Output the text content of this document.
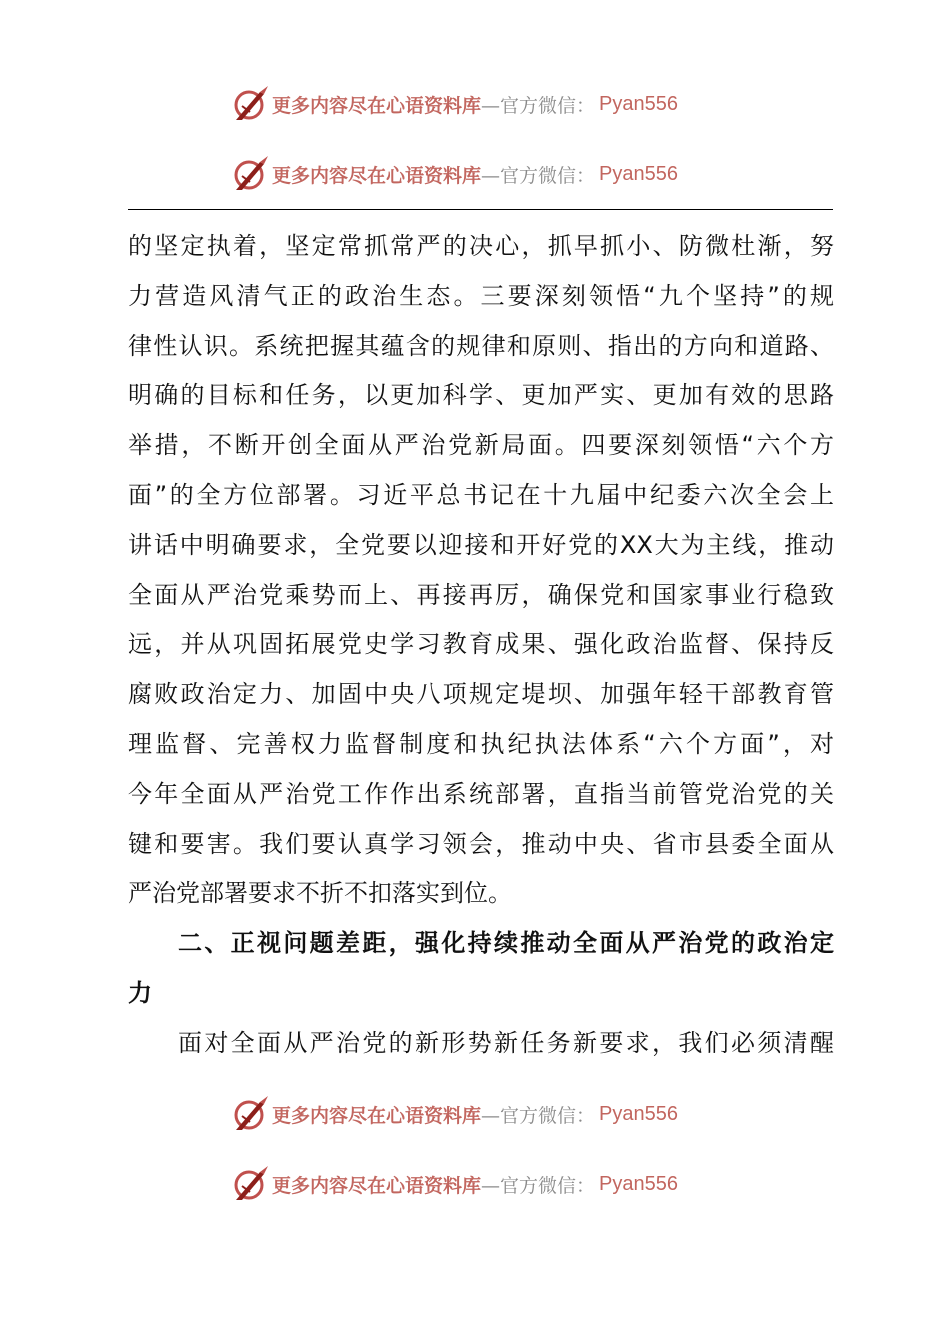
更多内容尽在心语资料库 —官方微信： Pyan556
更多内容尽在心语资料库 —官方微信： Pyan556
的坚定执着，坚定常抓常严的决心，抓早抓小、防微杜渐，努
力营造风清气正的政治生态。三要深刻领悟“九个坚持”的规
律性认识。系统把握其蕴含的规律和原则、指出的方向和道路、
明确的目标和任务，以更加科学、更加严实、更加有效的思路
举措，不断开创全面从严治党新局面。四要深刻领悟“六个方
面”的全方位部署。习近平总书记在十九届中纪委六次全会上
讲话中明确要求，全党要以迎接和开好党的XX大为主线，推动
全面从严治党乘势而上、再接再厉，确保党和国家事业行稳致
远，并从巩固拓展党史学习教育成果、强化政治监督、保持反
腐败政治定力、加固中央八项规定堤坝、加强年轻干部教育管
理监督、完善权力监督制度和执纪执法体系“六个方面”，对
今年全面从严治党工作作出系统部署，直指当前管党治党的关
键和要害。我们要认真学习领会，推动中央、省市县委全面从
严治党部署要求不折不扣落实到位。
二、正视问题差距，强化持续推动全面从严治党的政治定
力
面对全面从严治党的新形势新任务新要求，我们必须清醒
更多内容尽在心语资料库 —官方微信： Pyan556
更多内容尽在心语资料库 —官方微信： Pyan556
